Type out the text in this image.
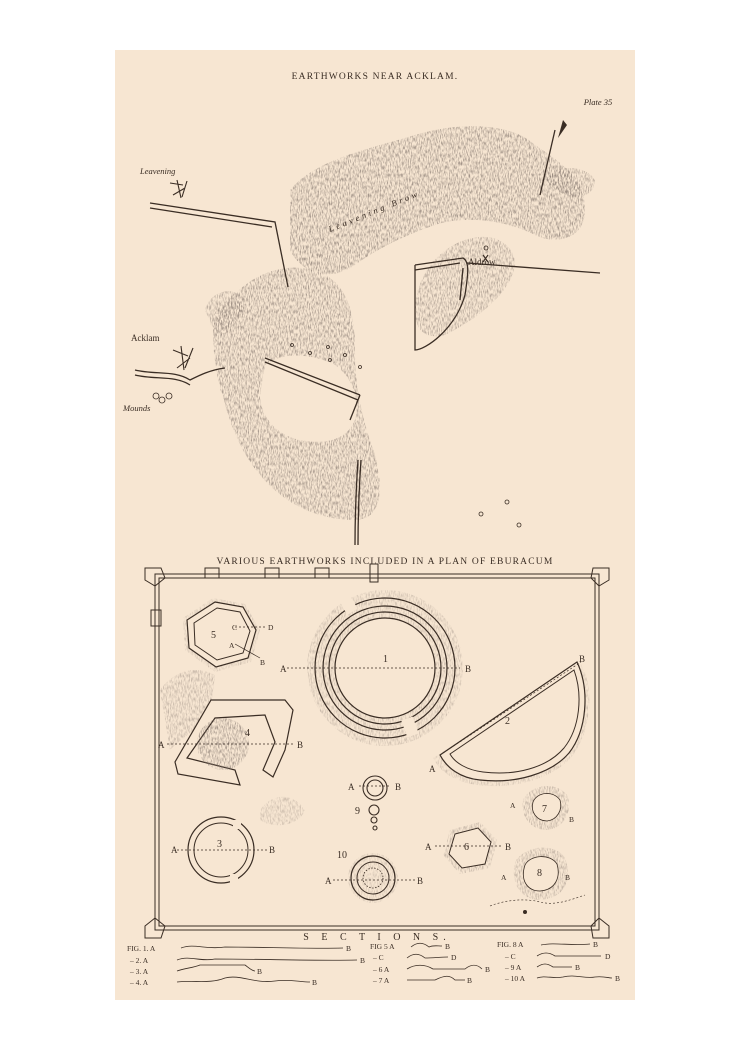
EARTHWORKS NEAR ACKLAM.
Plate 35
Leavening
Leavening Brow
Aldrow
Acklam
Mounds
VARIOUS EARTHWORKS INCLUDED IN A PLAN OF EBURACUM
1
A	B
2
A
B
5
C	D
A
B
4
A	B
3
A	B
9
A	B
10
A	B
6
A	B
7
A
B
8
A	B
S E C T I O N S.
FIG. 1. A	B
– 2. A	B
– 3. A	B
– 4. A	B
FIG 5 A	B
– C	D
– 6 A	B
– 7 A	B
FIG. 8 A	B
– C	D
– 9 A	B
– 10 A	B
